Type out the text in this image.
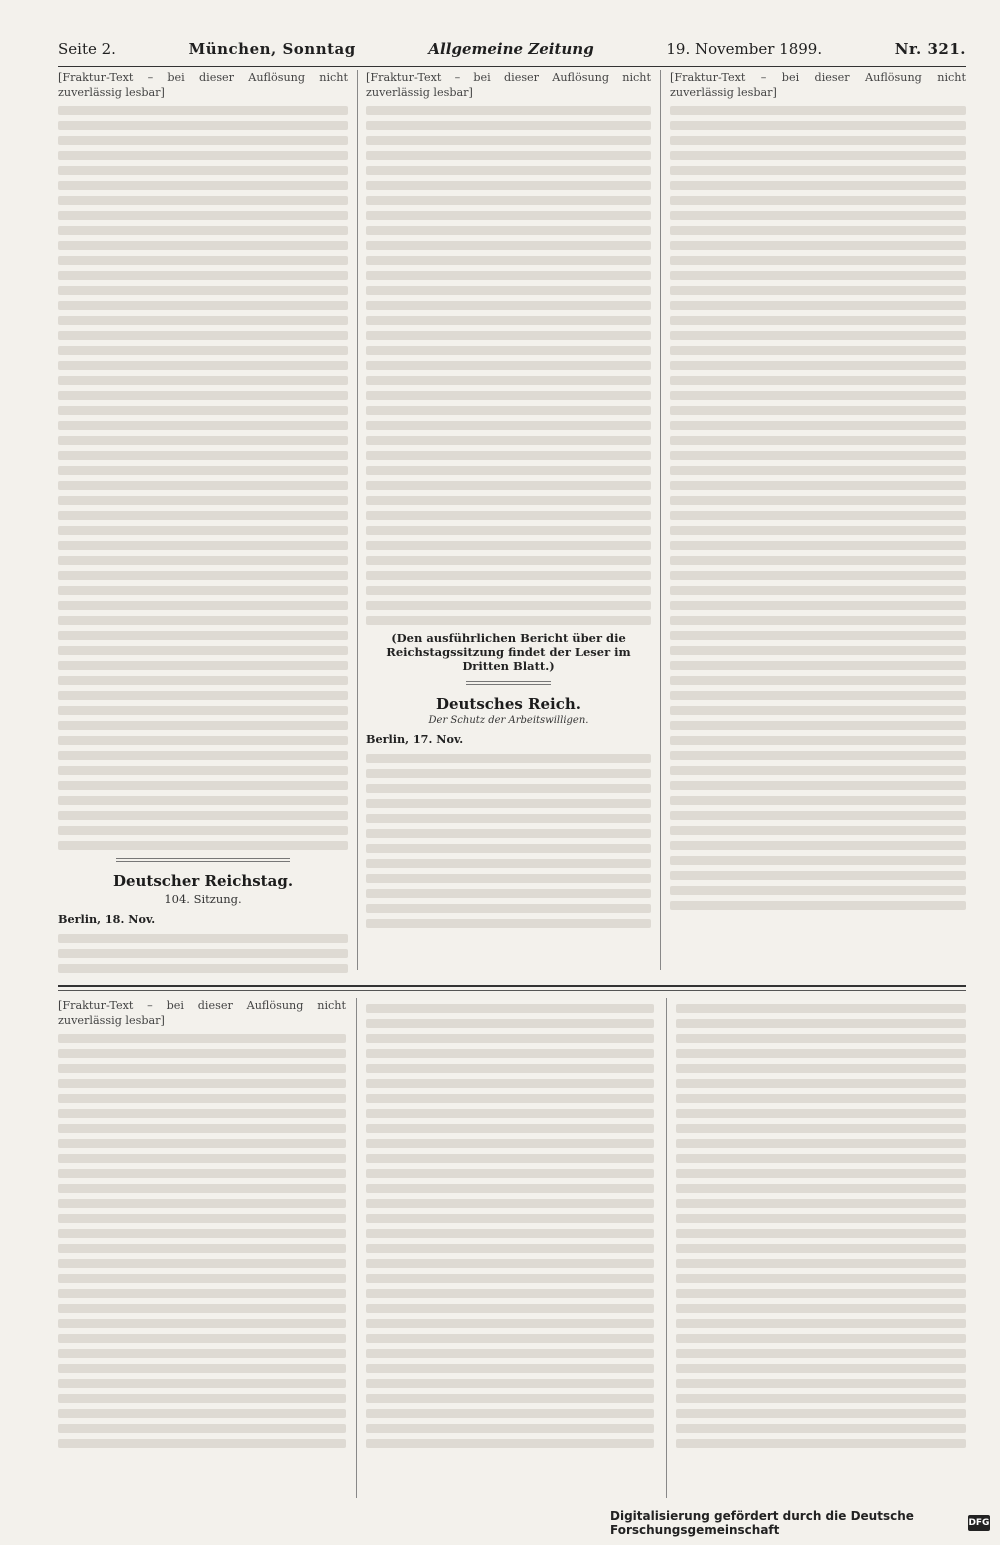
Seite 2.	München, Sonntag	Allgemeine Zeitung	19. November 1899.	Nr. 321.

[Fraktur-Text – bei dieser Auflösung nicht zuverlässig lesbar]

Deutscher Reichstag.
104. Sitzung.

Berlin, 18. Nov.

[Fraktur-Text – bei dieser Auflösung nicht zuverlässig lesbar]

(Den ausführlichen Bericht über die Reichstagssitzung findet der Leser im Dritten Blatt.)

Deutsches Reich.
Der Schutz der Arbeitswilligen.

Berlin, 17. Nov.

[Fraktur-Text – bei dieser Auflösung nicht zuverlässig lesbar]

[Fraktur-Text – bei dieser Auflösung nicht zuverlässig lesbar]

Digitalisierung gefördert durch die Deutsche Forschungsgemeinschaft	DFG
